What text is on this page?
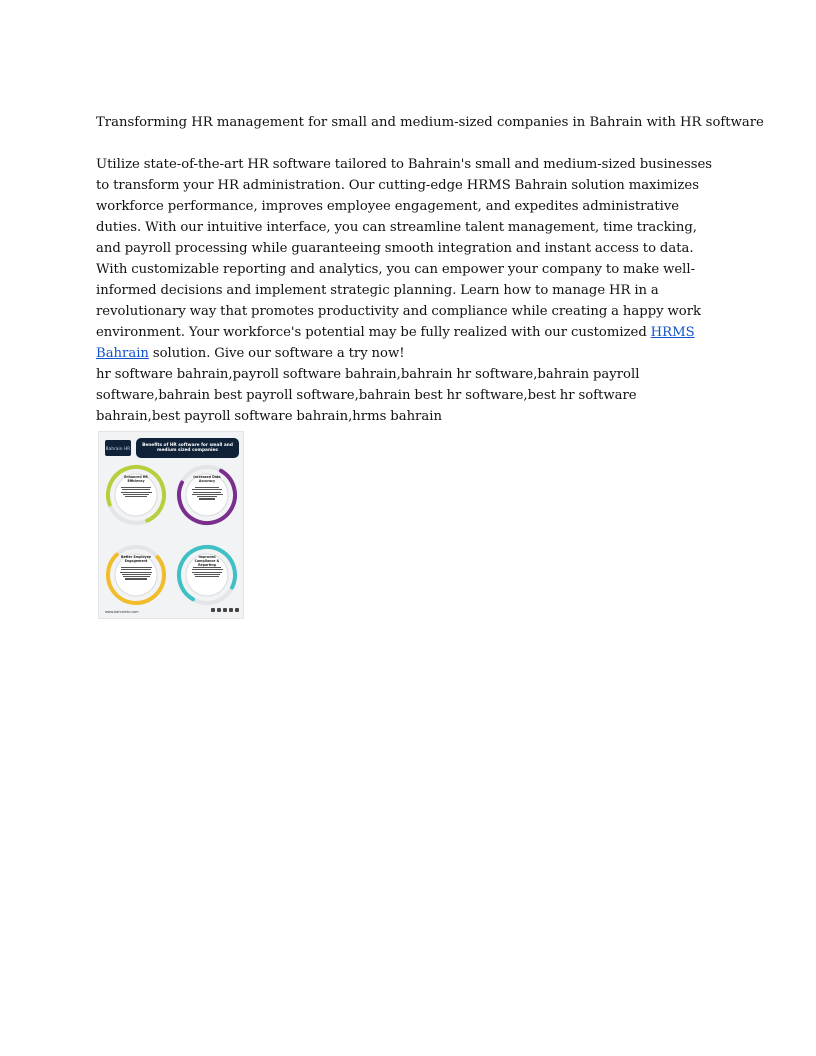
Transforming HR management for small and medium-sized companies in Bahrain with HR software

Utilize state-of-the-art HR software tailored to Bahrain's small and medium-sized businesses to transform your HR administration. Our cutting-edge HRMS Bahrain solution maximizes workforce performance, improves employee engagement, and expedites administrative duties. With our intuitive interface, you can streamline talent management, time tracking, and payroll processing while guaranteeing smooth integration and instant access to data. With customizable reporting and analytics, you can empower your company to make well-informed decisions and implement strategic planning. Learn how to manage HR in a revolutionary way that promotes productivity and compliance while creating a happy work environment. Your workforce's potential may be fully realized with our customized HRMS Bahrain solution. Give our software a try now!

hr software bahrain,payroll software bahrain,bahrain hr software,bahrain payroll software,bahrain best payroll software,bahrain best hr software,best hr software bahrain,best payroll software bahrain,hrms bahrain

Bahrain HR
Benefits of HR software for small and medium sized companies
Enhanced HR Efficiency
Increased Data Accuracy
Better Employee Engagement
Improved Compliance & Reporting
www.bahrainhr.com
